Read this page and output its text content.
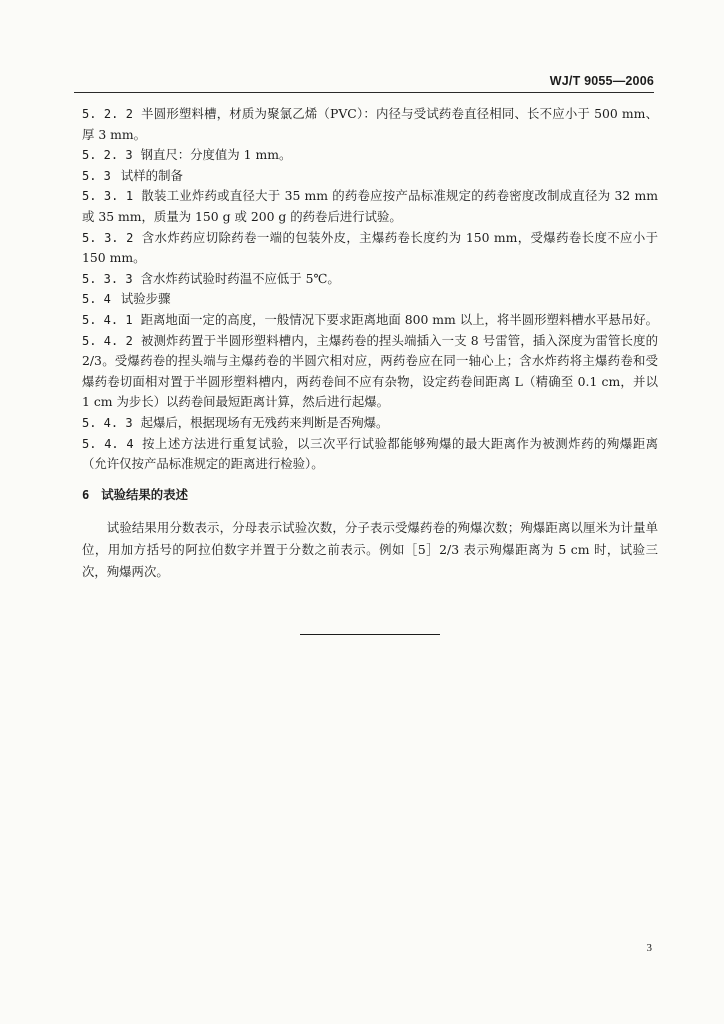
WJ/T 9055—2006

5. 2. 2 半圆形塑料槽，材质为聚氯乙烯（PVC）：内径与受试药卷直径相同、长不应小于 500 mm、厚 3 mm。

5. 2. 3 钢直尺：分度值为 1 mm。

5. 3 试样的制备

5. 3. 1 散装工业炸药或直径大于 35 mm 的药卷应按产品标准规定的药卷密度改制成直径为 32 mm 或 35 mm，质量为 150 g 或 200 g 的药卷后进行试验。

5. 3. 2 含水炸药应切除药卷一端的包装外皮，主爆药卷长度约为 150 mm，受爆药卷长度不应小于 150 mm。

5. 3. 3 含水炸药试验时药温不应低于 5℃。

5. 4 试验步骤

5. 4. 1 距离地面一定的高度，一般情况下要求距离地面 800 mm 以上，将半圆形塑料槽水平悬吊好。

5. 4. 2 被测炸药置于半圆形塑料槽内，主爆药卷的捏头端插入一支 8 号雷管，插入深度为雷管长度的 2/3。受爆药卷的捏头端与主爆药卷的半圆穴相对应，两药卷应在同一轴心上；含水炸药将主爆药卷和受爆药卷切面相对置于半圆形塑料槽内，两药卷间不应有杂物，设定药卷间距离 L（精确至 0.1 cm，并以 1 cm 为步长）以药卷间最短距离计算，然后进行起爆。

5. 4. 3 起爆后，根据现场有无残药来判断是否殉爆。

5. 4. 4 按上述方法进行重复试验，以三次平行试验都能够殉爆的最大距离作为被测炸药的殉爆距离（允许仅按产品标准规定的距离进行检验）。

6 试验结果的表述

试验结果用分数表示，分母表示试验次数，分子表示受爆药卷的殉爆次数；殉爆距离以厘米为计量单位，用加方括号的阿拉伯数字并置于分数之前表示。例如［5］2/3 表示殉爆距离为 5 cm 时，试验三次，殉爆两次。

3
